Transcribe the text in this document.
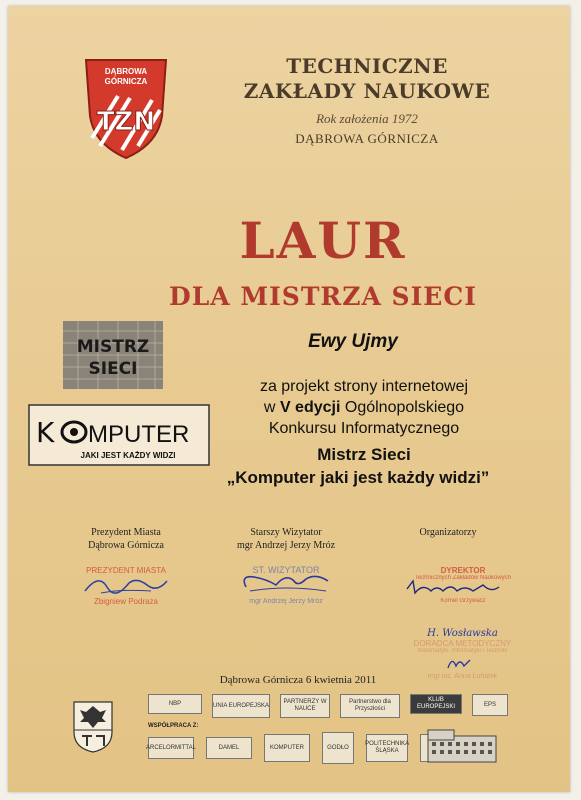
DĄBROWA
GÓRNICZA
TZN
TECHNICZNE
ZAKŁADY NAUKOWE
Rok założenia 1972
DĄBROWA GÓRNICZA
LAUR
DLA MISTRZA SIECI
MISTRZ
SIECI
K MPUTER
JAKI JEST KAŻDY WIDZI
Ewy Ujmy
za projekt strony internetowej
w V edycji Ogólnopolskiego
Konkursu Informatycznego
Mistrz Sieci
„Komputer jaki jest każdy widzi”
Prezydent Miasta
Dąbrowa Górnicza
PREZYDENT MIASTA
Zbigniew Podraza
Starszy Wizytator
mgr Andrzej Jerzy Mróz
ST. WIZYTATOR
mgr Andrzej Jerzy Mróz
Organizatorzy
DYREKTOR
Technicznych Zakładów Naukowych
Kornel Grzywacz
H. Wosławska
DORADCA METODYCZNY
Matematyki, Informatyki i Techniki
mgr inż. Anna Łuhanik
Dąbrowa Górnicza 6 kwietnia 2011
NBP	UNIA EUROPEJSKA
PARTNERZY W NAUCE
Partnerstwo dla Przyszłości
KLUB EUROPEJSKI	EPS
WSPÓŁPRACA Z:
ARCELORMITTAL	DAMEL	KOMPUTER	GODŁO
POLITECHNIKA ŚLĄSKA
